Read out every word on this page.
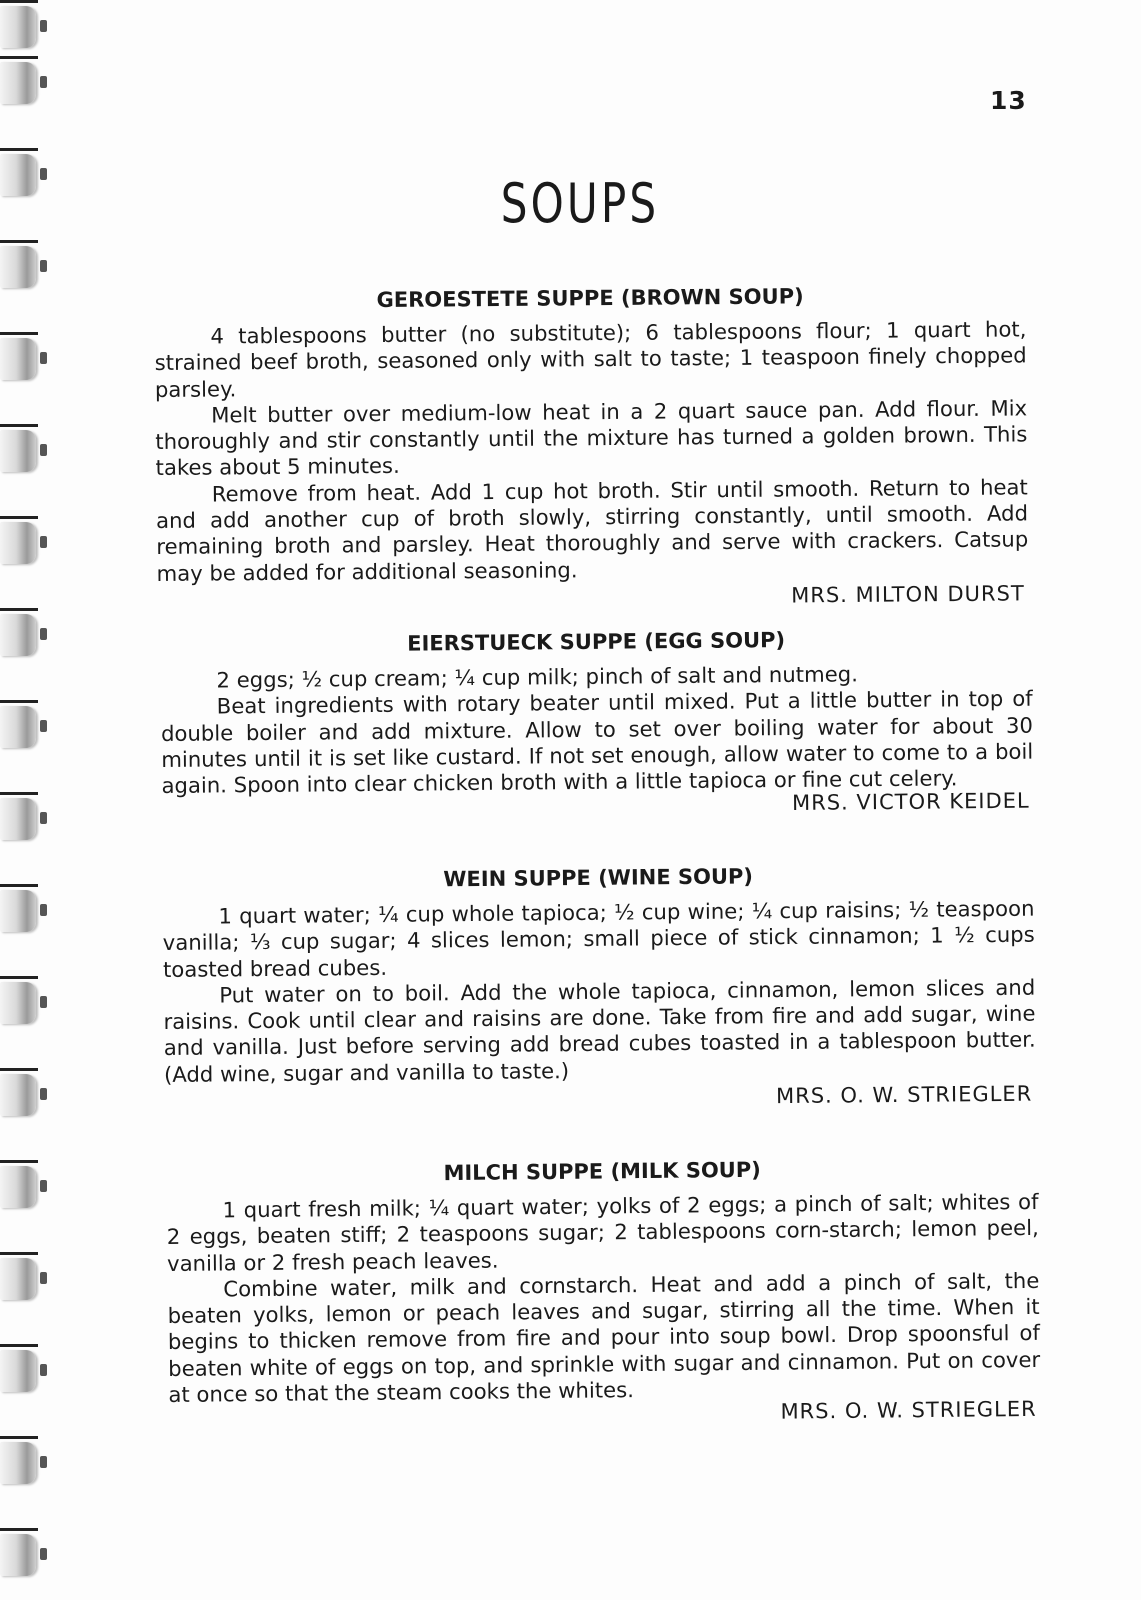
13
SOUPS
GEROESTETE SUPPE (BROWN SOUP)

4 tablespoons butter (no substitute); 6 tablespoons flour; 1 quart hot, strained beef broth, seasoned only with salt to taste; 1 teaspoon finely chopped parsley.

Melt butter over medium-low heat in a 2 quart sauce pan. Add flour. Mix thoroughly and stir constantly until the mixture has turned a golden brown. This takes about 5 minutes.

Remove from heat. Add 1 cup hot broth. Stir until smooth. Return to heat and add another cup of broth slowly, stirring constantly, until smooth. Add remaining broth and parsley. Heat thoroughly and serve with crackers. Catsup may be added for additional seasoning.

MRS. MILTON DURST
EIERSTUECK SUPPE (EGG SOUP)

2 eggs; ½ cup cream; ¼ cup milk; pinch of salt and nutmeg.

Beat ingredients with rotary beater until mixed. Put a little butter in top of double boiler and add mixture. Allow to set over boiling water for about 30 minutes until it is set like custard. If not set enough, allow water to come to a boil again. Spoon into clear chicken broth with a little tapioca or fine cut celery.

MRS. VICTOR KEIDEL
WEIN SUPPE (WINE SOUP)

1 quart water; ¼ cup whole tapioca; ½ cup wine; ¼ cup raisins; ½ teaspoon vanilla; ⅓ cup sugar; 4 slices lemon; small piece of stick cinnamon; 1 ½ cups toasted bread cubes.

Put water on to boil. Add the whole tapioca, cinnamon, lemon slices and raisins. Cook until clear and raisins are done. Take from fire and add sugar, wine and vanilla. Just before serving add bread cubes toasted in a tablespoon butter. (Add wine, sugar and vanilla to taste.)

MRS. O. W. STRIEGLER
MILCH SUPPE (MILK SOUP)

1 quart fresh milk; ¼ quart water; yolks of 2 eggs; a pinch of salt; whites of 2 eggs, beaten stiff; 2 teaspoons sugar; 2 tablespoons corn-starch; lemon peel, vanilla or 2 fresh peach leaves.

Combine water, milk and cornstarch. Heat and add a pinch of salt, the beaten yolks, lemon or peach leaves and sugar, stirring all the time. When it begins to thicken remove from fire and pour into soup bowl. Drop spoonsful of beaten white of eggs on top, and sprinkle with sugar and cinnamon. Put on cover at once so that the steam cooks the whites.

MRS. O. W. STRIEGLER
